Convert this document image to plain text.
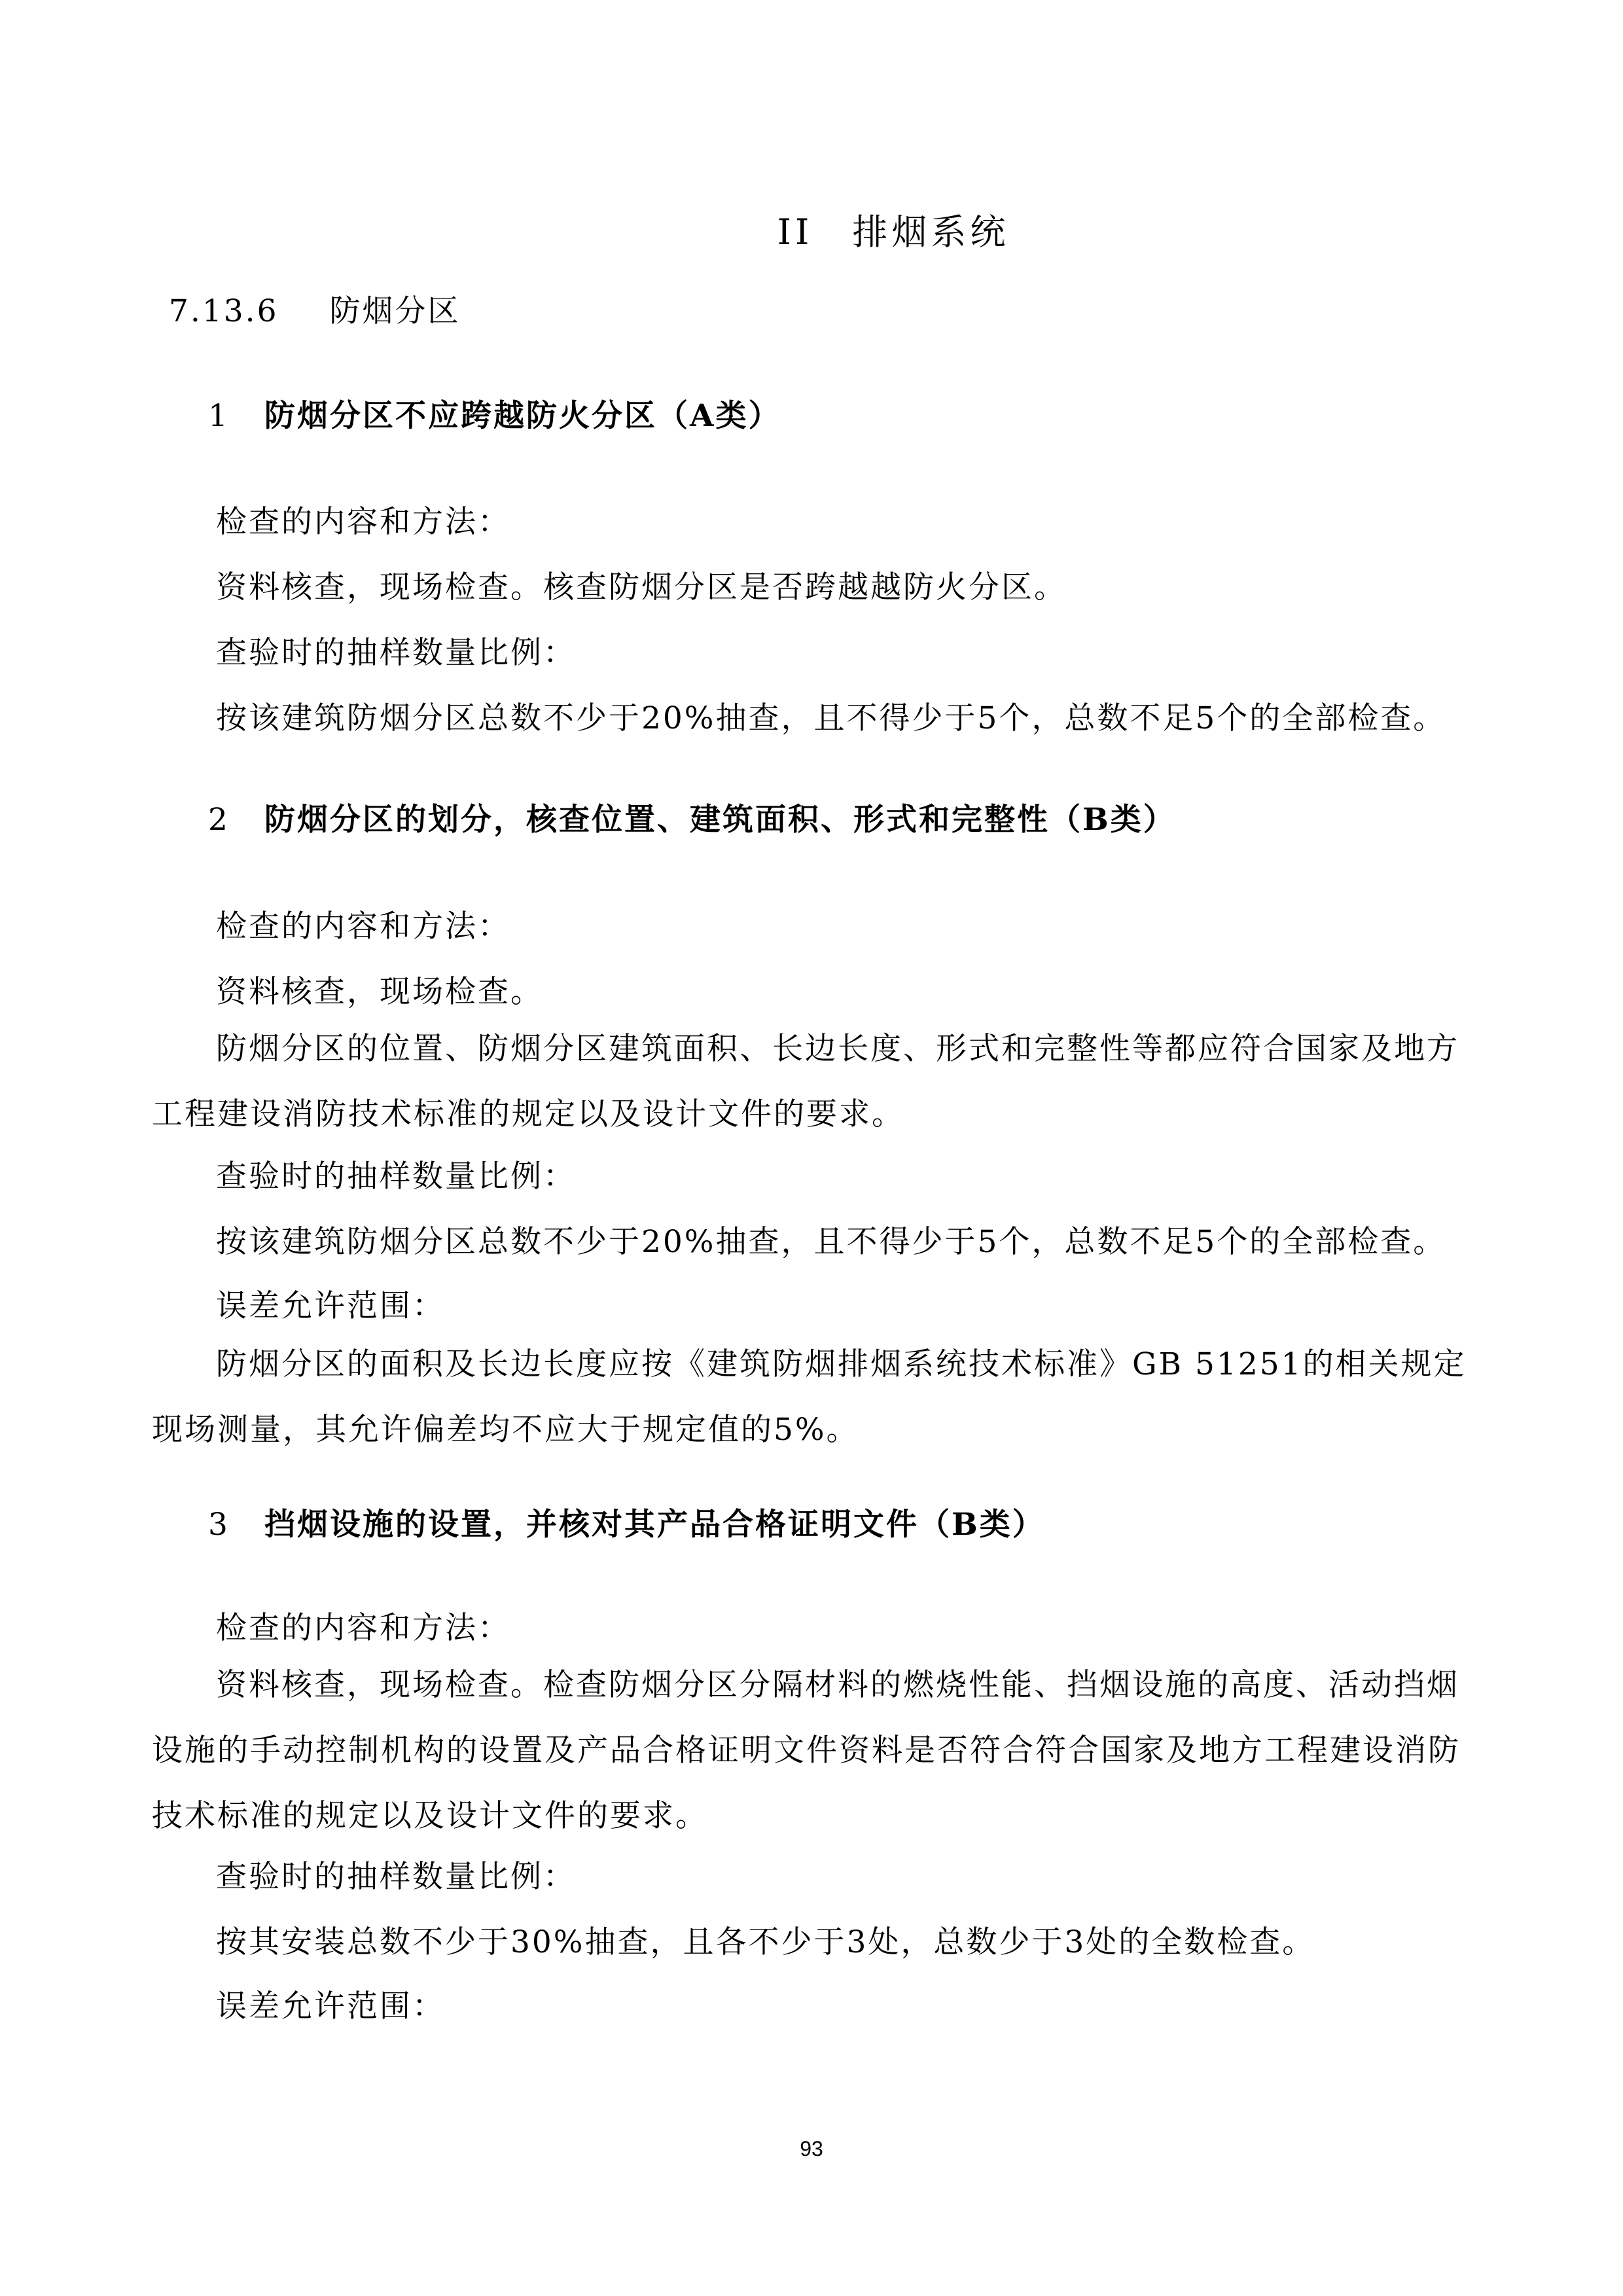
II　排烟系统
7.13.6 防烟分区
1 防烟分区不应跨越防火分区（A类）
检查的内容和方法：
资料核查，现场检查。核查防烟分区是否跨越越防火分区。
查验时的抽样数量比例：
按该建筑防烟分区总数不少于20%抽查，且不得少于5个，总数不足5个的全部检查。
2 防烟分区的划分，核查位置、建筑面积、形式和完整性（B类）
检查的内容和方法：
资料核查，现场检查。
防烟分区的位置、防烟分区建筑面积、长边长度、形式和完整性等都应符合国家及地方工程建设消防技术标准的规定以及设计文件的要求。
查验时的抽样数量比例：
按该建筑防烟分区总数不少于20%抽查，且不得少于5个，总数不足5个的全部检查。
误差允许范围：
防烟分区的面积及长边长度应按《建筑防烟排烟系统技术标准》GB 51251的相关规定现场测量，其允许偏差均不应大于规定值的5%。
3 挡烟设施的设置，并核对其产品合格证明文件（B类）
检查的内容和方法：
资料核查，现场检查。检查防烟分区分隔材料的燃烧性能、挡烟设施的高度、活动挡烟设施的手动控制机构的设置及产品合格证明文件资料是否符合符合国家及地方工程建设消防技术标准的规定以及设计文件的要求。
查验时的抽样数量比例：
按其安装总数不少于30%抽查，且各不少于3处，总数少于3处的全数检查。
误差允许范围：
93
